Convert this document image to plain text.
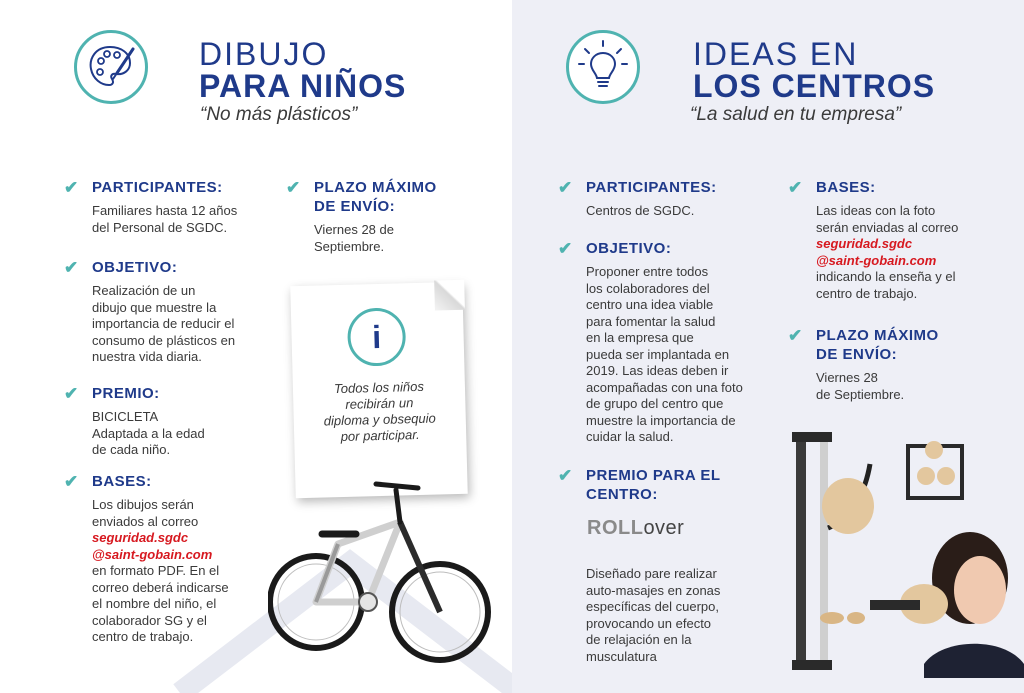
DIBUJO
PARA NIÑOS
“No más plásticos”
✔ PARTICIPANTES:
Familiares hasta 12 años
del Personal de SGDC.
✔ OBJETIVO:
Realización de un
dibujo que muestre la
importancia de reducir el
consumo de plásticos en
nuestra vida diaria.
✔ PREMIO:
BICICLETA
Adaptada a la edad
de cada niño.
✔ BASES:
Los dibujos serán
enviados al correo
seguridad.sgdc
@saint-gobain.com
en formato PDF. En el
correo deberá indicarse
el nombre del niño, el
colaborador SG y el
centro de trabajo.
✔ PLAZO MÁXIMO
DE ENVÍO:
Viernes 28 de
Septiembre.
i
Todos los niños
recibirán un
diploma y obsequio
por participar.
IDEAS EN
LOS CENTROS
“La salud en tu empresa”
✔ PARTICIPANTES:
Centros de SGDC.
✔ OBJETIVO:
Proponer entre todos
los colaboradores del
centro una idea viable
para fomentar la salud
en la empresa que
pueda ser implantada en
2019. Las ideas deben ir
acompañadas con una foto
de grupo del centro que
muestre la importancia de
cuidar la salud.
✔ PREMIO PARA EL
CENTRO:
Diseñado pare realizar
auto-masajes en zonas
específicas del cuerpo,
provocando un efecto
de relajación en la
musculatura
ROLLover
✔ BASES:
Las ideas con la foto
serán enviadas al correo
seguridad.sgdc
@saint-gobain.com
indicando la enseña y el
centro de trabajo.
✔ PLAZO MÁXIMO
DE ENVÍO:
Viernes 28
de Septiembre.
